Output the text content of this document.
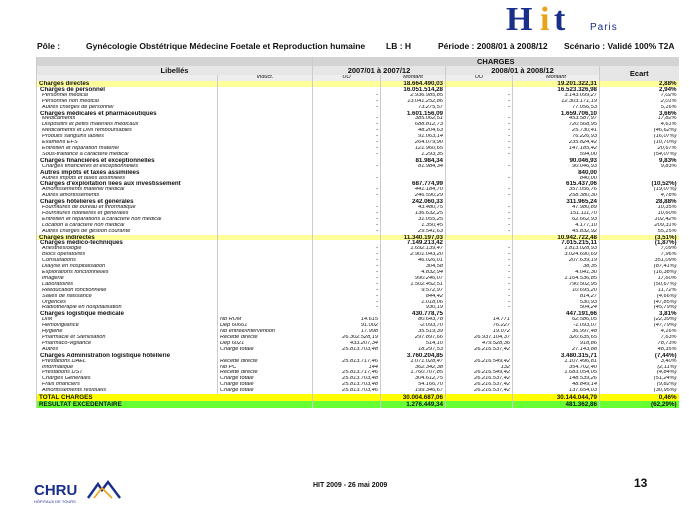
H i t Paris
Pôle :	Gynécologie Obstétrique Médecine Foetale et Reproduction humaine LB : H	Période : 2008/01 à 2008/12 Scénario : Validé 100% T2A
		CHARGES				
Libellés		2007/01 à 2007/12		2008/01 à 2008/12		Ecart
	Induct.	UO	Montant	UO	Montant	
Charges directes			18.664.490,03		19.201.322,31	2,88%
Charges de personnel			16.051.514,28		16.523.326,98	2,94%
Personnel médical		-	2.936.985,85	-	3.143.099,27	7,02%
Personnel non médical		-	13.041.252,86	-	12.303.171,19	2,01%
Autres charges de personnel		-	73.275,57	-	77.056,53	5,16%
Charges médicales et pharmaceutiques			1.601.156,09		1.659.706,10	3,66%
Médicaments		-	385.062,51	-	453.587,97	17,82%
Dispositifs et petits matériels médicaux		-	688.812,73	-	720.568,95	4,61%
Médicaments et DMI remboursables		-	48.204,63	-	25.730,41	(46,62%)
Produits sanguins labiles		-	91.063,14	-	76.226,93	(16,07%)
Examens EFS		-	264.079,90	-	235.824,42	(10,70%)
Entretien et réparation matériel		-	121.960,65	-	147.185,42	20,67%
Sous-traitance à caractère médical		-	1.293,35	-	594,00	(54,07%)
Charges financières et exceptionnelles			81.984,34		90.046,93	9,83%
Charges financières et exceptionnelles		-	81.984,34	-	90.046,93	9,83%
Autres impôts et taxes assimilées					840,00	
Autres impôts et taxes assimilées		-		-	840,00	
Charges d'exploitation liées aux investissement			687.774,99		615.437,06	(10,52%)
Amortissements matériel médical		-	441.184,70	-	357.056,76	(19,07%)
Autres amortissements		-	246.590,29	-	258.380,30	4,78%
Charges hôtelières et générales			242.060,33		311.965,24	28,88%
Fournitures de bureau et informatique		-	43.480,75	-	47.980,89	10,35%
Fournitures hôtelières et générales		-	136.632,25	-	151.111,70	10,60%
Entretien et réparations à caractère non médical		-	31.055,25	-	62.662,93	102,42%
Location à caractère non médical		-	1.350,45	-	4.177,10	209,31%
Autres charges de gestion courante		-	29.541,63	-	45.832,92	55,15%
Charges indirectes			11.340.197,03		10.942.722,48	(3,51%)
Charges médico-techniques			7.149.213,42		7.015.215,11	(1,87%)
Anesthésiologie		-	1.692.139,47	-	1.813.028,93	7,09%
Blocs opératoires		-	2.901.043,20	-	3.024.690,69	7,96%
Consultations		-	46.026,01	-	207.639,19	351,09%
Dialyse en hospitalisation		-	304,58	-	38,35	(87,41%)
Explorations fonctionnelles		-	4.832,94	-	4.041,30	(16,38%)
Imagerie		-	990.246,07	-	1.164.536,85	17,60%
Laboratoires		-	1.502.452,51	-	790.502,95	(50,67%)
Rééducation fonctionnelle		-	9.572,97	-	10.695,20	11,72%
Salles de naissance		-	844,42	-	814,27	(4,66%)
Urgences		-	1.018,06	-	530,93	(47,85%)
Radiothérapie en hospitalisation		-	930,19	-	504,24	(45,79%)
Charges logistique médicale			430.778,75		447.191,66	3,81%
DIM	Nb RUM	14.615	80.643,78	14.771	62.586,05	(22,39%)
Hémovigilance	Dep 60661	91.002	-2.093,70	76.227	-1.093,07	(47,79%)
Hygiène	Nb entrée/intervention	17.998	35.519,39	19.072	36.997,48	4,16%
Pharmacie et Stérilisation	Recette directe	26.302.528,19	297.897,66	26.937.104,37	320.635,65	7,63%
Pharmaco-vigilance	Dep 6021	433.207,34	514,10	479.528,36	918,86	78,73%
Autres	Charge totale	25.813.703,48	18.297,53	26.216.537,42	27.143,88	48,35%
Charges Administration logistique hôtellerie			3.760.204,85		3.480.315,71	(7,44%)
Prestations DAEL	Recette directe	25.813.717,46	1.071.028,47	26.216.549,42	1.107.496,81	3,40%
Informatique	Nb PC	144	362.342,38	132	354.702,40	(2,11%)
Prestations DST	Recette directe	25.813.717,46	1.760.707,85	26.216.549,42	1.683.054,05	(4,84%)
Charges Générales	Charge totale	25.813.703,48	304.612,75	26.216.537,42	148.539,26	(51,24%)
Frais financiers	Charge totale	25.813.703,48	54.166,70	26.216.537,42	48.849,14	(9,82%)
Amortissements résiduels	Charge totale	25.813.703,46	199.346,67	26.216.537,42	137.654,03	(30,95%)
TOTAL CHARGES			30.004.687,06		30.144.044,79	0,46%
RESULTAT EXCEDENTAIRE			1.276.449,34		481.362,86	(62,29%)
CHRU
HÔPITAUX DE TOURS
HIT 2009 - 26 mai 2009	13
